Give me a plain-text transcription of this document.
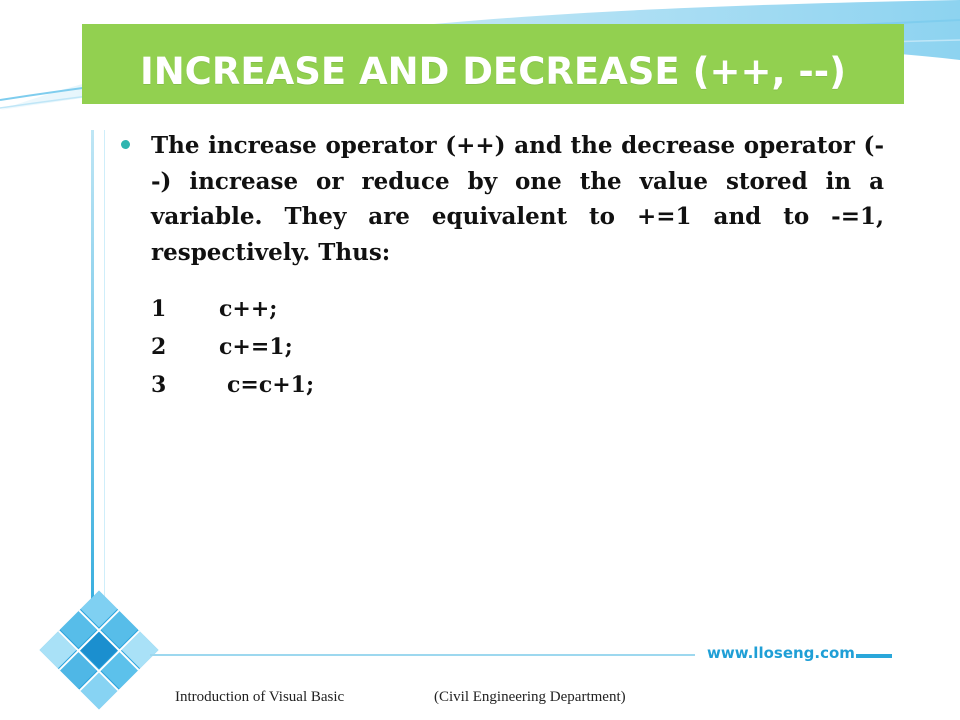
INCREASE AND DECREASE (++, --)
The increase operator (++) and the decrease operator (--) increase or reduce by one the value stored in a variable. They are equivalent to +=1 and to -=1, respectively. Thus:
1 c++;
2 c+=1;
3	c=c+1;
www.lloseng.com
Introduction of Visual Basic	(Civil Engineering Department)
